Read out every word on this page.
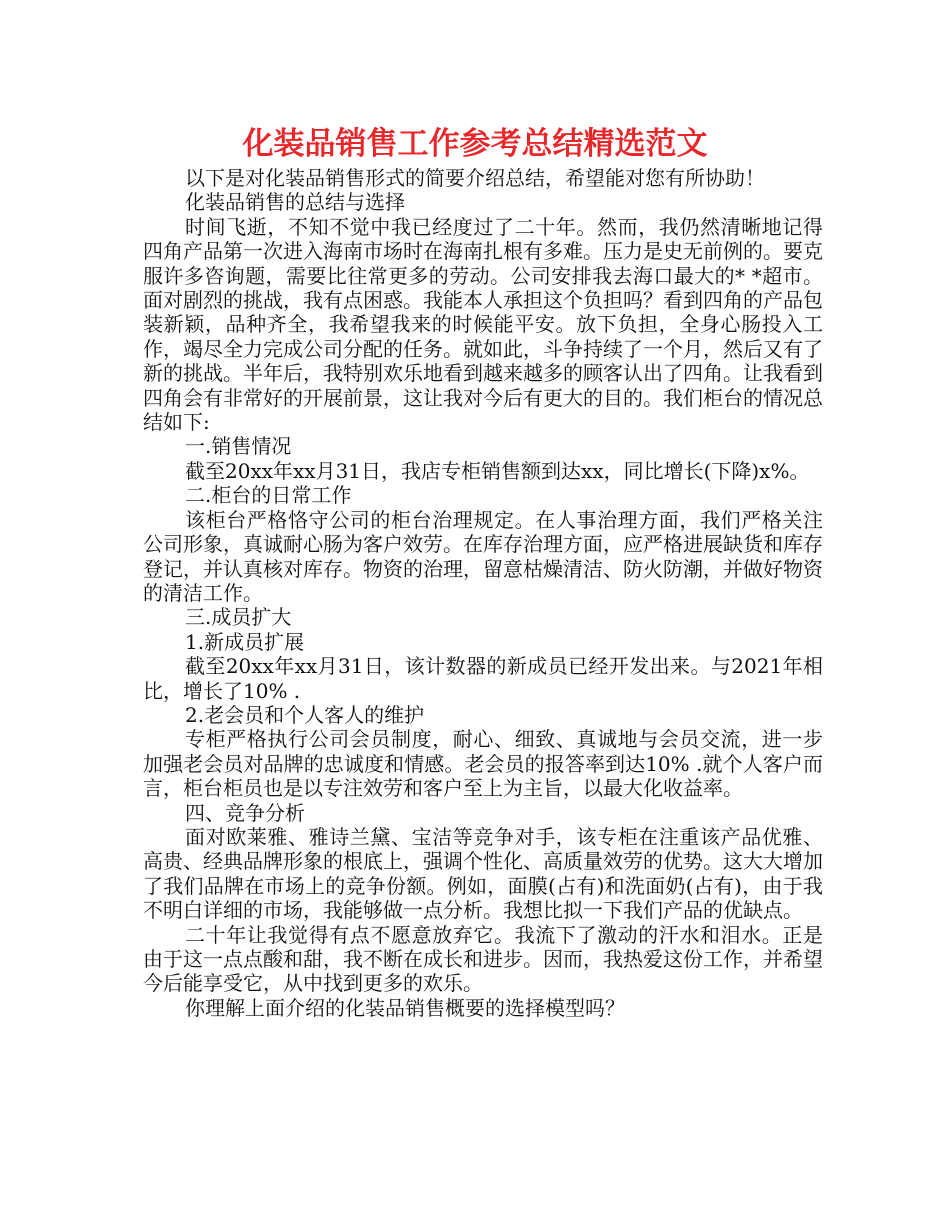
化装品销售工作参考总结精选范文

以下是对化装品销售形式的简要介绍总结，希望能对您有所协助！

化装品销售的总结与选择

时间飞逝，不知不觉中我已经度过了二十年。然而，我仍然清晰地记得四角产品第一次进入海南市场时在海南扎根有多难。压力是史无前例的。要克服许多咨询题，需要比往常更多的劳动。公司安排我去海口最大的* *超市。面对剧烈的挑战，我有点困惑。我能本人承担这个负担吗？看到四角的产品包装新颖，品种齐全，我希望我来的时候能平安。放下负担，全身心肠投入工作，竭尽全力完成公司分配的任务。就如此，斗争持续了一个月，然后又有了新的挑战。半年后，我特别欢乐地看到越来越多的顾客认出了四角。让我看到四角会有非常好的开展前景，这让我对今后有更大的目的。我们柜台的情况总结如下:

一.销售情况

截至20xx年xx月31日，我店专柜销售额到达xx，同比增长(下降)x%。

二.柜台的日常工作

该柜台严格恪守公司的柜台治理规定。在人事治理方面，我们严格关注公司形象，真诚耐心肠为客户效劳。在库存治理方面，应严格进展缺货和库存登记，并认真核对库存。物资的治理，留意枯燥清洁、防火防潮，并做好物资的清洁工作。

三.成员扩大

1.新成员扩展

截至20xx年xx月31日，该计数器的新成员已经开发出来。与2021年相比，增长了10% .

2.老会员和个人客人的维护

专柜严格执行公司会员制度，耐心、细致、真诚地与会员交流，进一步加强老会员对品牌的忠诚度和情感。老会员的报答率到达10% .就个人客户而言，柜台柜员也是以专注效劳和客户至上为主旨，以最大化收益率。

四、竞争分析

面对欧莱雅、雅诗兰黛、宝洁等竞争对手，该专柜在注重该产品优雅、高贵、经典品牌形象的根底上，强调个性化、高质量效劳的优势。这大大增加了我们品牌在市场上的竞争份额。例如，面膜(占有)和洗面奶(占有)，由于我不明白详细的市场，我能够做一点分析。我想比拟一下我们产品的优缺点。

二十年让我觉得有点不愿意放弃它。我流下了激动的汗水和泪水。正是由于这一点点酸和甜，我不断在成长和进步。因而，我热爱这份工作，并希望今后能享受它，从中找到更多的欢乐。

你理解上面介绍的化装品销售概要的选择模型吗？
